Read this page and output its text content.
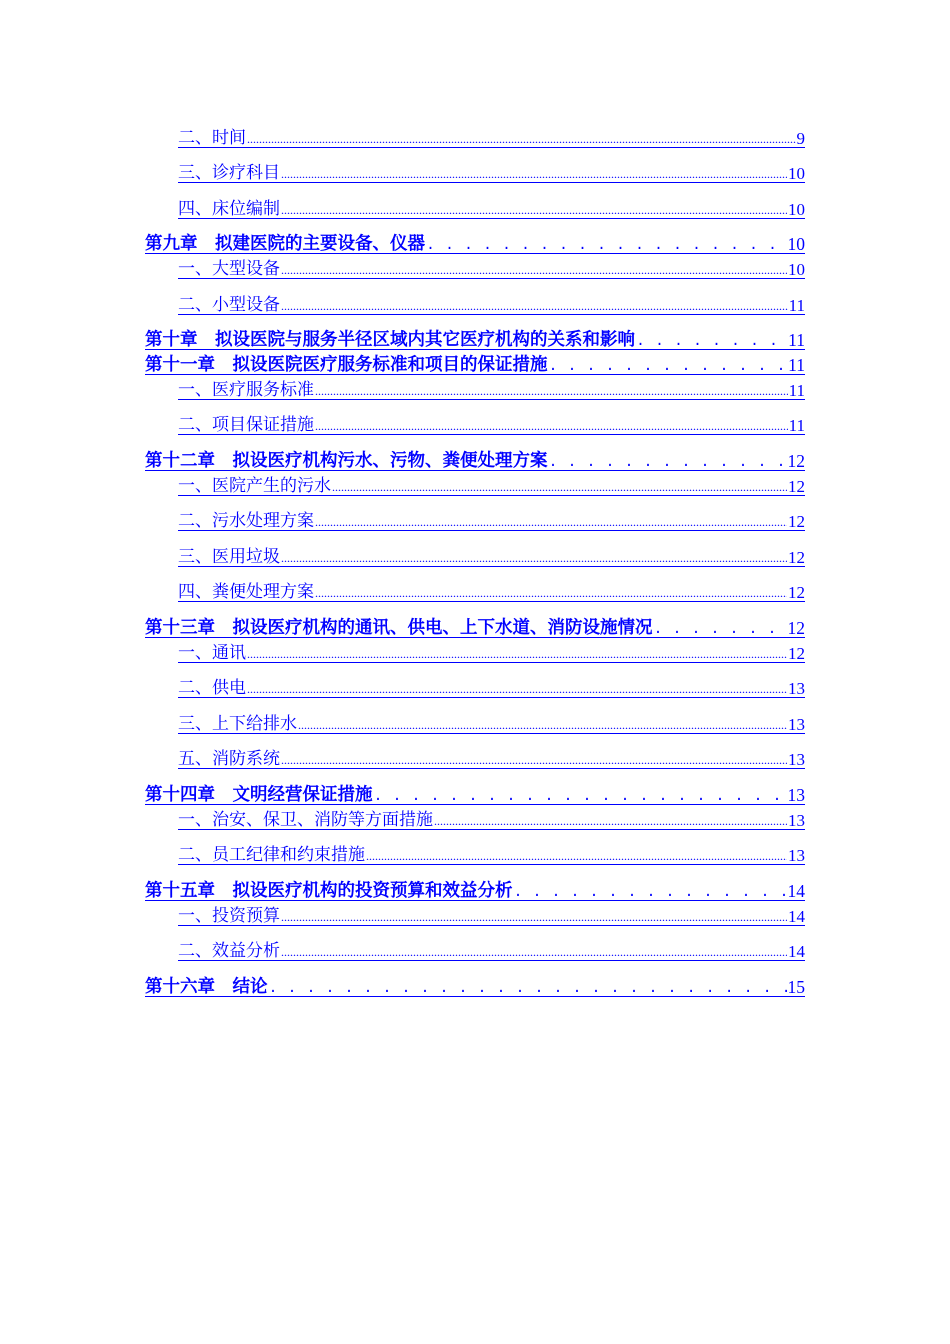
二、时间 .....	9
三、诊疗科目 .....	10
四、床位编制 .....	10
第九章　拟建医院的主要设备、仪器 . . .	10
一、大型设备 .....	10
二、小型设备 .....	11
第十章　拟设医院与服务半径区域内其它医疗机构的关系和影响 . . .	11
第十一章　拟设医院医疗服务标准和项目的保证措施 . . .	11
一、医疗服务标准 .....	11
二、项目保证措施 .....	11
第十二章　拟设医疗机构污水、污物、粪便处理方案 . . .	12
一、医院产生的污水 .....	12
二、污水处理方案 .....	12
三、医用垃圾 .....	12
四、粪便处理方案 .....	12
第十三章　拟设医疗机构的通讯、供电、上下水道、消防设施情况 . . .	12
一、通讯 .....	12
二、供电 .....	13
三、上下给排水 .....	13
五、消防系统 .....	13
第十四章　文明经营保证措施 . . .	13
一、治安、保卫、消防等方面措施 .....	13
二、员工纪律和约束措施 .....	13
第十五章　拟设医疗机构的投资预算和效益分析 . . .	14
一、投资预算 .....	14
二、效益分析 .....	14
第十六章　结论 . . .	15
